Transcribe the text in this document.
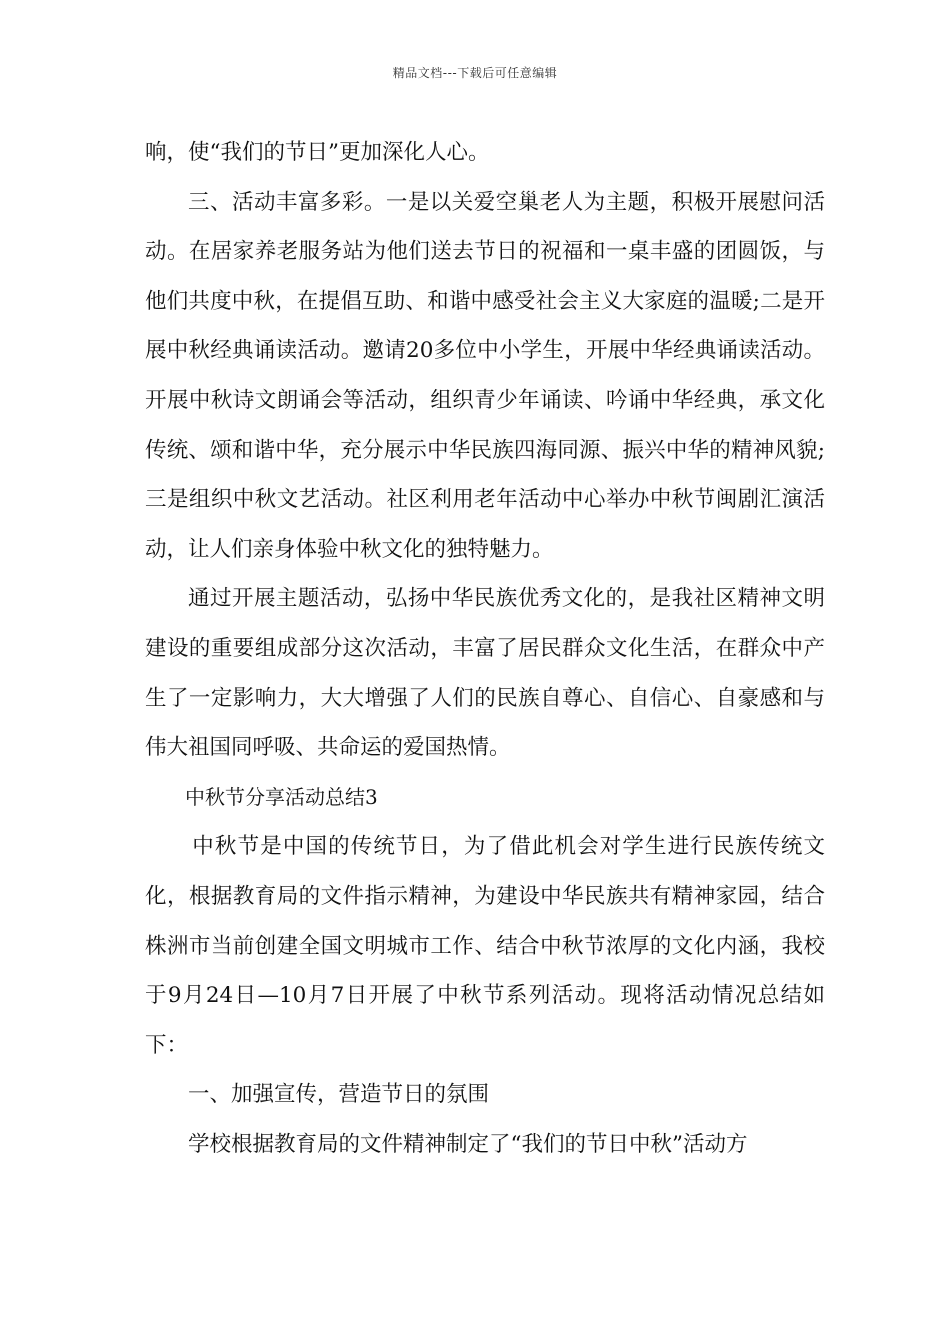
精品文档---下载后可任意编辑

响，使“我们的节日”更加深化人心。

三、活动丰富多彩。一是以关爱空巢老人为主题，积极开展慰问活动。在居家养老服务站为他们送去节日的祝福和一桌丰盛的团圆饭，与他们共度中秋，在提倡互助、和谐中感受社会主义大家庭的温暖;二是开展中秋经典诵读活动。邀请20多位中小学生，开展中华经典诵读活动。开展中秋诗文朗诵会等活动，组织青少年诵读、吟诵中华经典，承文化传统、颂和谐中华，充分展示中华民族四海同源、振兴中华的精神风貌;三是组织中秋文艺活动。社区利用老年活动中心举办中秋节闽剧汇演活动，让人们亲身体验中秋文化的独特魅力。

通过开展主题活动，弘扬中华民族优秀文化的，是我社区精神文明建设的重要组成部分这次活动，丰富了居民群众文化生活，在群众中产生了一定影响力，大大增强了人们的民族自尊心、自信心、自豪感和与伟大祖国同呼吸、共命运的爱国热情。

中秋节分享活动总结3

中秋节是中国的传统节日，为了借此机会对学生进行民族传统文化，根据教育局的文件指示精神，为建设中华民族共有精神家园，结合株洲市当前创建全国文明城市工作、结合中秋节浓厚的文化内涵，我校于9月24日—10月7日开展了中秋节系列活动。现将活动情况总结如下：

一、加强宣传，营造节日的氛围

学校根据教育局的文件精神制定了“我们的节日中秋”活动方
